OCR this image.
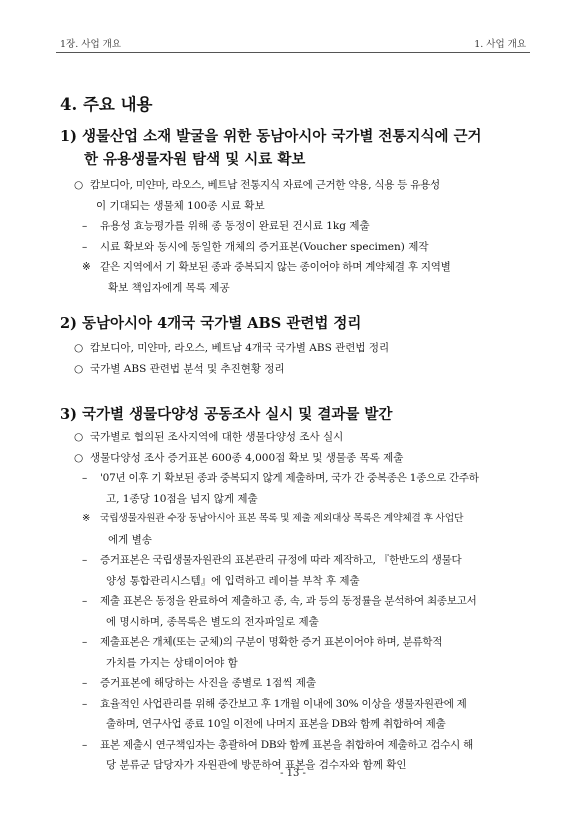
1장. 사업 개요	1. 사업 개요
4. 주요 내용
1) 생물산업 소재 발굴을 위한 동남아시아 국가별 전통지식에 근거
한 유용생물자원 탐색 및 시료 확보
○ 캄보디아, 미얀마, 라오스, 베트남 전통지식 자료에 근거한 약용, 식용 등 유용성
이 기대되는 생물체 100종 시료 확보
– 유용성 효능평가를 위해 종 동정이 완료된 건시료 1kg 제출
– 시료 확보와 동시에 동일한 개체의 증거표본(Voucher specimen) 제작
※ 같은 지역에서 기 확보된 종과 중복되지 않는 종이어야 하며 계약체결 후 지역별
확보 책임자에게 목록 제공
2) 동남아시아 4개국 국가별 ABS 관련법 정리
○ 캄보디아, 미얀마, 라오스, 베트남 4개국 국가별 ABS 관련법 정리
○ 국가별 ABS 관련법 분석 및 추진현황 정리
3) 국가별 생물다양성 공동조사 실시 및 결과물 발간
○ 국가별로 협의된 조사지역에 대한 생물다양성 조사 실시
○ 생물다양성 조사 증거표본 600종 4,000점 확보 및 생물종 목록 제출
– '07년 이후 기 확보된 종과 중복되지 않게 제출하며, 국가 간 중복종은 1종으로 간주하
고, 1종당 10점을 넘지 않게 제출
※ 국립생물자원관 수장 동남아시아 표본 목록 및 제출 제외대상 목록은 계약체결 후 사업단
에게 별송
– 증거표본은 국립생물자원관의 표본관리 규정에 따라 제작하고, 『한반도의 생물다
양성 통합관리시스템』에 입력하고 레이블 부착 후 제출
– 제출 표본은 동정을 완료하여 제출하고 종, 속, 과 등의 동정률을 분석하여 최종보고서
에 명시하며, 종목록은 별도의 전자파일로 제출
– 제출표본은 개체(또는 군체)의 구분이 명확한 증거 표본이어야 하며, 분류학적
가치를 가지는 상태이어야 함
– 증거표본에 해당하는 사진을 종별로 1점씩 제출
– 효율적인 사업관리를 위해 중간보고 후 1개월 이내에 30% 이상을 생물자원관에 제
출하며, 연구사업 종료 10일 이전에 나머지 표본을 DB와 함께 취합하여 제출
– 표본 제출시 연구책임자는 총괄하여 DB와 함께 표본을 취합하여 제출하고 검수시 해
당 분류군 담당자가 자원관에 방문하여 표본을 검수자와 함께 확인
- 13 -
